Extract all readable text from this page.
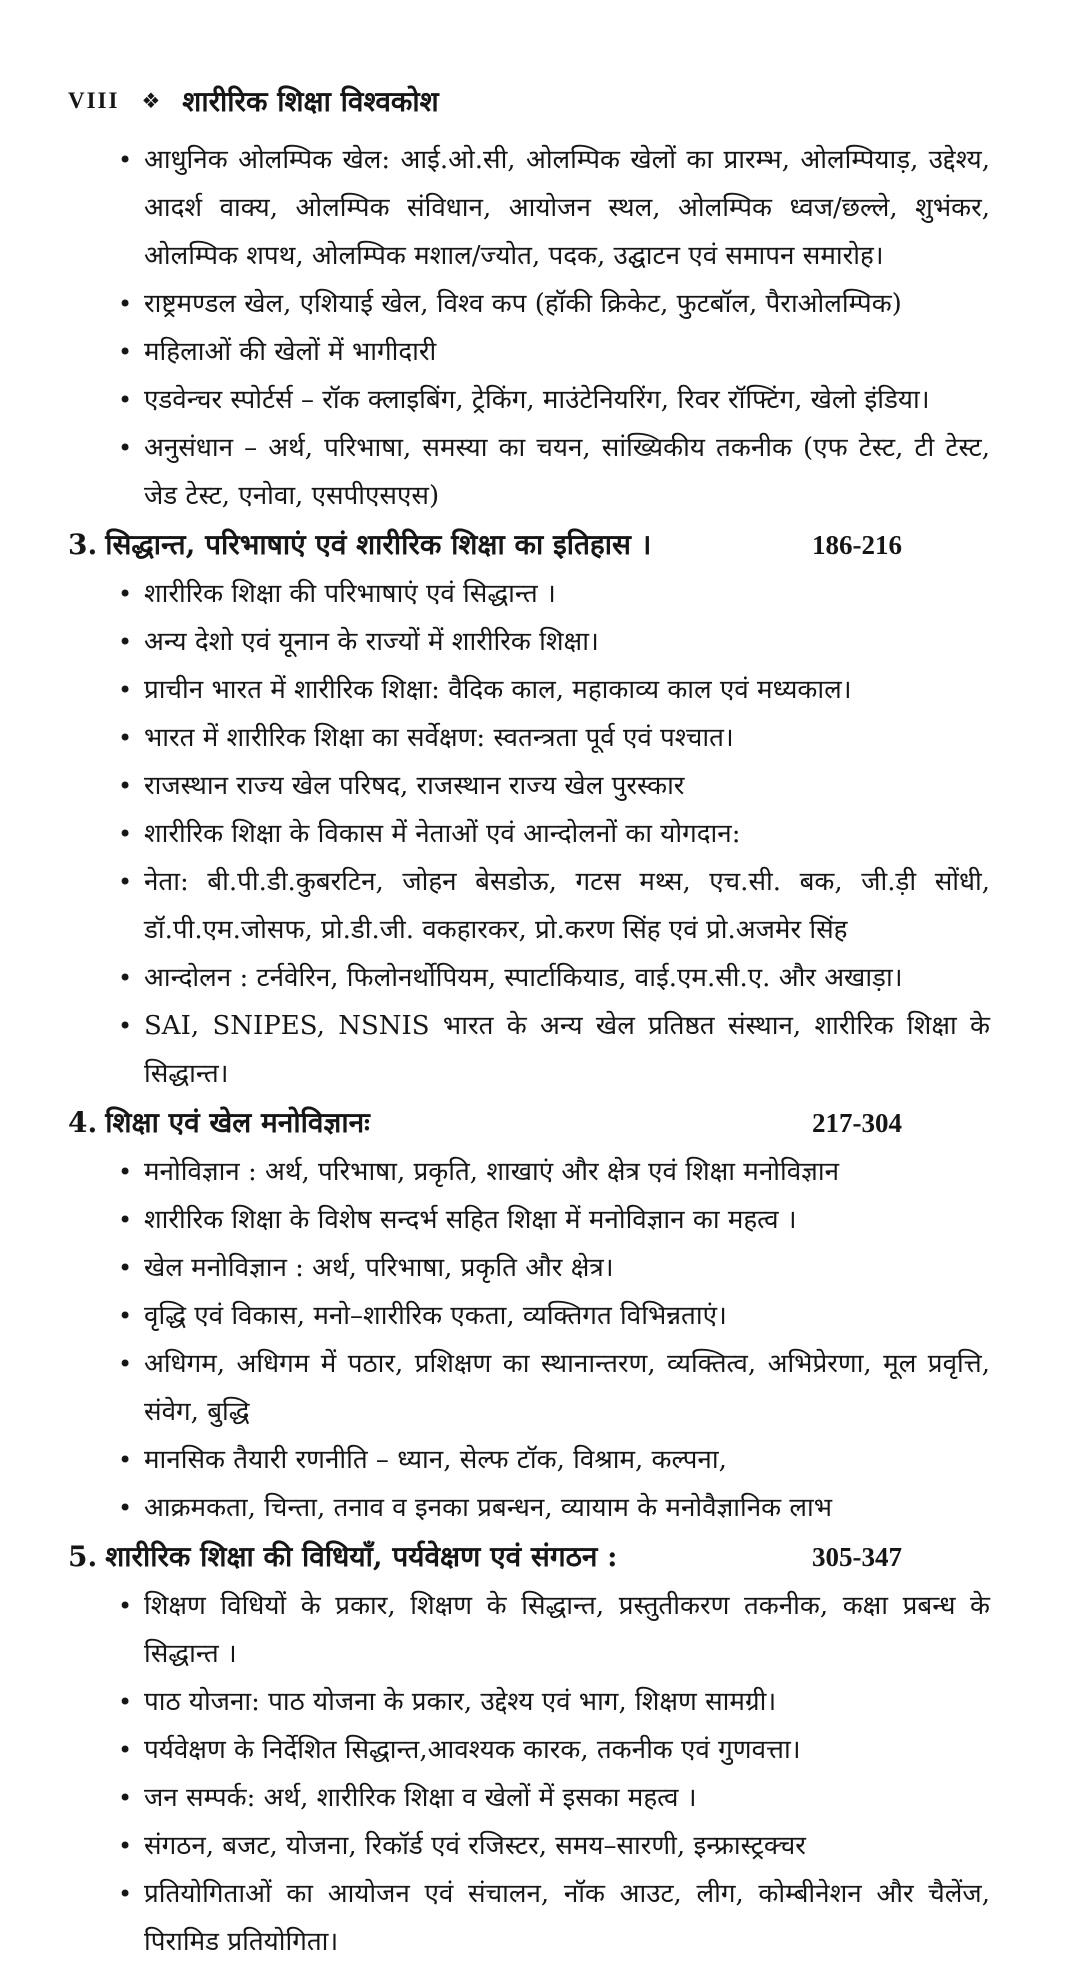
VIII ❖ शारीरिक शिक्षा विश्वकोश
• आधुनिक ओलम्पिक खेल: आई.ओ.सी, ओलम्पिक खेलों का प्रारम्भ, ओलम्पियाड़, उद्देश्य, आदर्श वाक्य, ओलम्पिक संविधान, आयोजन स्थल, ओलम्पिक ध्वज/छल्ले, शुभंकर, ओलम्पिक शपथ, ओलम्पिक मशाल/ज्योत, पदक, उद्घाटन एवं समापन समारोह।
• राष्ट्रमण्डल खेल, एशियाई खेल, विश्व कप (हॉकी क्रिकेट, फुटबॉल, पैराओलम्पिक)
• महिलाओं की खेलों में भागीदारी
• एडवेन्चर स्पोर्टर्स – रॉक क्लाइबिंग, ट्रेकिंग, माउंटेनियरिंग, रिवर रॉफ्टिंग, खेलो इंडिया।
• अनुसंधान – अर्थ, परिभाषा, समस्या का चयन, सांख्यिकीय तकनीक (एफ टेस्ट, टी टेस्ट, जेड टेस्ट, एनोवा, एसपीएसएस)
3. सिद्धान्त, परिभाषाएं एवं शारीरिक शिक्षा का इतिहास ।	186-216
• शारीरिक शिक्षा की परिभाषाएं एवं सिद्धान्त ।
• अन्य देशो एवं यूनान के राज्यों में शारीरिक शिक्षा।
• प्राचीन भारत में शारीरिक शिक्षा: वैदिक काल, महाकाव्य काल एवं मध्यकाल।
• भारत में शारीरिक शिक्षा का सर्वेक्षण: स्वतन्त्रता पूर्व एवं पश्चात।
• राजस्थान राज्य खेल परिषद, राजस्थान राज्य खेल पुरस्कार
• शारीरिक शिक्षा के विकास में नेताओं एवं आन्दोलनों का योगदान:
• नेता: बी.पी.डी.कुबरटिन, जोहन बेसडोऊ, गटस मथ्स, एच.सी. बक, जी.ड़ी सोंधी, डॉ.पी.एम.जोसफ, प्रो.डी.जी. वकहारकर, प्रो.करण सिंह एवं प्रो.अजमेर सिंह
• आन्दोलन : टर्नवेरिन, फिलोनर्थोपियम, स्पार्टाकियाड, वाई.एम.सी.ए. और अखाड़ा।
• SAI, SNIPES, NSNIS भारत के अन्य खेल प्रतिष्ठत संस्थान, शारीरिक शिक्षा के सिद्धान्त।
4. शिक्षा एवं खेल मनोविज्ञानः	217-304
• मनोविज्ञान : अर्थ, परिभाषा, प्रकृति, शाखाएं और क्षेत्र एवं शिक्षा मनोविज्ञान
• शारीरिक शिक्षा के विशेष सन्दर्भ सहित शिक्षा में मनोविज्ञान का महत्व ।
• खेल मनोविज्ञान : अर्थ, परिभाषा, प्रकृति और क्षेत्र।
• वृद्धि एवं विकास, मनो–शारीरिक एकता, व्यक्तिगत विभिन्नताएं।
• अधिगम, अधिगम में पठार, प्रशिक्षण का स्थानान्तरण, व्यक्तित्व, अभिप्रेरणा, मूल प्रवृत्ति, संवेग, बुद्धि
• मानसिक तैयारी रणनीति – ध्यान, सेल्फ टॉक, विश्राम, कल्पना,
• आक्रमकता, चिन्ता, तनाव व इनका प्रबन्धन, व्यायाम के मनोवैज्ञानिक लाभ
5. शारीरिक शिक्षा की विधियाँ, पर्यवेक्षण एवं संगठन :	305-347
• शिक्षण विधियों के प्रकार, शिक्षण के सिद्धान्त, प्रस्तुतीकरण तकनीक, कक्षा प्रबन्ध के सिद्धान्त ।
• पाठ योजना: पाठ योजना के प्रकार, उद्देश्य एवं भाग, शिक्षण सामग्री।
• पर्यवेक्षण के निर्देशित सिद्धान्त,आवश्यक कारक, तकनीक एवं गुणवत्ता।
• जन सम्पर्क: अर्थ, शारीरिक शिक्षा व खेलों में इसका महत्व ।
• संगठन, बजट, योजना, रिकॉर्ड एवं रजिस्टर, समय–सारणी, इन्फ्रास्ट्रक्चर
• प्रतियोगिताओं का आयोजन एवं संचालन, नॉक आउट, लीग, कोम्बीनेशन और चैलेंज, पिरामिड प्रतियोगिता।
